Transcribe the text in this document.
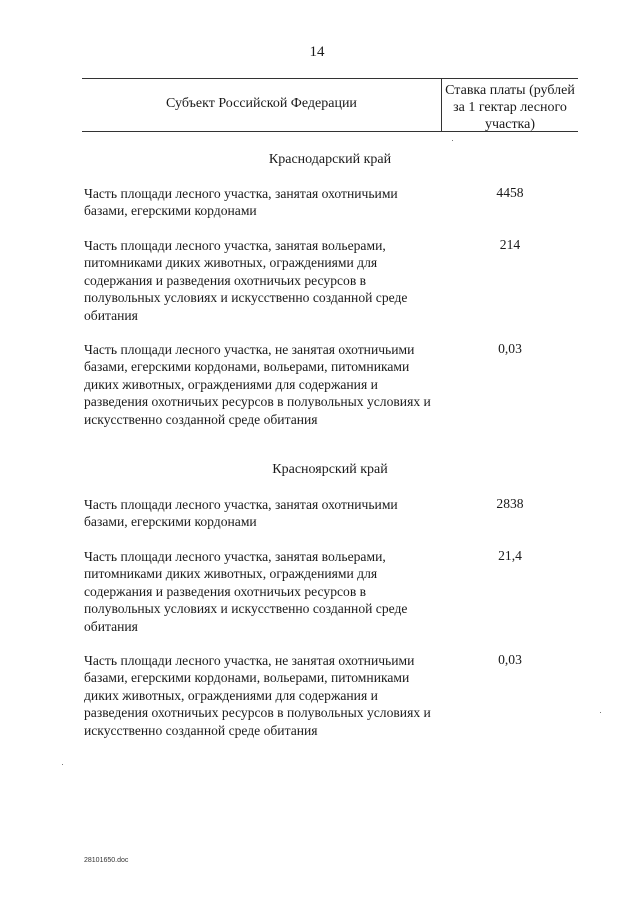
14
Субъект Российской Федерации
Ставка платы (рублей за 1 гектар лесного участка)
Краснодарский край
Часть площади лесного участка, занятая охотничьими базами, егерскими кордонами
4458
Часть площади лесного участка, занятая вольерами, питомниками диких животных, ограждениями для содержания и разведения охотничьих ресурсов в полувольных условиях и искусственно созданной среде обитания
214
Часть площади лесного участка, не занятая охотничьими базами, егерскими кордонами, вольерами, питомниками диких животных, ограждениями для содержания и разведения охотничьих ресурсов в полувольных условиях и искусственно созданной среде обитания
0,03
Красноярский край
Часть площади лесного участка, занятая охотничьими базами, егерскими кордонами
2838
Часть площади лесного участка, занятая вольерами, питомниками диких животных, ограждениями для содержания и разведения охотничьих ресурсов в полувольных условиях и искусственно созданной среде обитания
21,4
Часть площади лесного участка, не занятая охотничьими базами, егерскими кордонами, вольерами, питомниками диких животных, ограждениями для содержания и разведения охотничьих ресурсов в полувольных условиях и искусственно созданной среде обитания
0,03
28101650.doc
